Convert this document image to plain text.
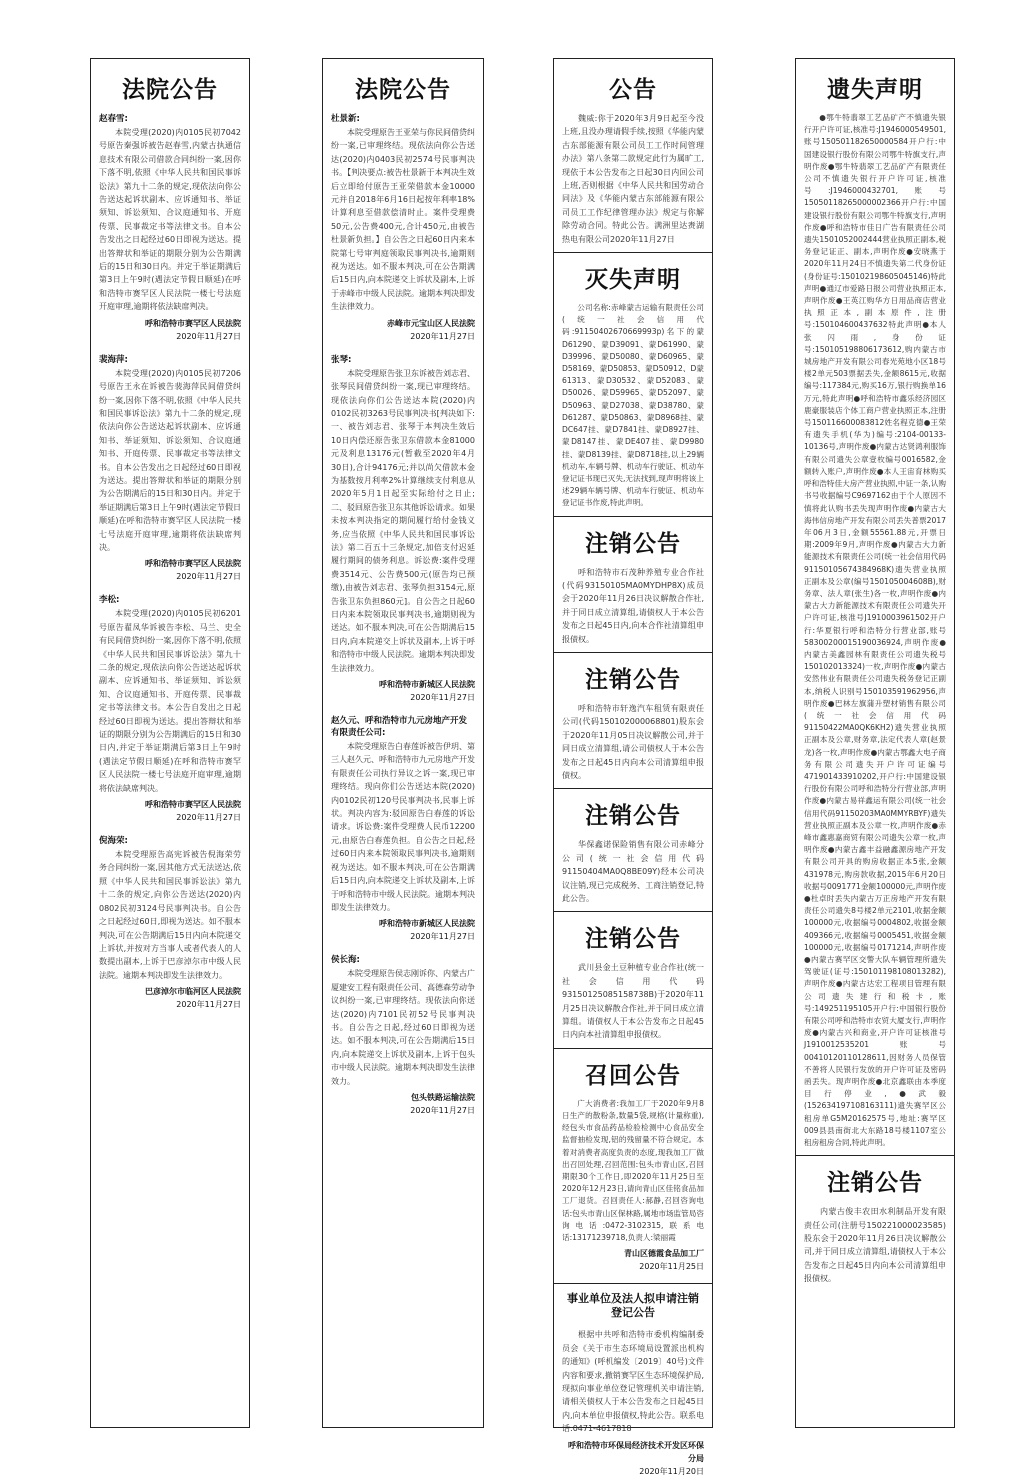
法院公告
赵春雪:

本院受理(2020)内0105民初7042号原告秦强诉被告赵春雪,内蒙古执通信息技术有限公司借款合同纠纷一案,因你下落不明,依照《中华人民共和国民事诉讼法》第九十二条的规定,现依法向你公告送达起诉状副本、应诉通知书、举证须知、诉讼须知、合议庭通知书、开庭传票、民事裁定书等法律文书。自本公告发出之日起经过60日即视为送达。提出答辩状和举证的期限分别为公告期满后的15日和30日内。并定于举证期满后第3日上午9时(遇法定节假日顺延)在呼和浩特市赛罕区人民法院一楼七号法庭开庭审理,逾期将依法缺席判决。

呼和浩特市赛罕区人民法院
2020年11月27日
裴海萍:

本院受理(2020)内0105民初7206号原告王永在诉被告裴海萍民间借贷纠纷一案,因你下落不明,依照《中华人民共和国民事诉讼法》第九十二条的规定,现依法向你公告送达起诉状副本、应诉通知书、举证须知、诉讼须知、合议庭通知书、开庭传票、民事裁定书等法律文书。自本公告发出之日起经过60日即视为送达。提出答辩状和举证的期限分别为公告期满后的15日和30日内。并定于举证期满后第3日上午9时(遇法定节假日顺延)在呼和浩特市赛罕区人民法院一楼七号法庭开庭审理,逾期将依法缺席判决。

呼和浩特市赛罕区人民法院
2020年11月27日
李松:

本院受理(2020)内0105民初6201号原告翟凤华诉被告李松、马兰、史全有民间借贷纠纷一案,因你下落不明,依照《中华人民共和国民事诉讼法》第九十二条的规定,现依法向你公告送达起诉状副本、应诉通知书、举证须知、诉讼须知、合议庭通知书、开庭传票、民事裁定书等法律文书。本公告自发出之日起经过60日即视为送达。提出答辩状和举证的期限分别为公告期满后的15日和30日内,并定于举证期满后第3日上午9时(遇法定节假日顺延)在呼和浩特市赛罕区人民法院一楼七号法庭开庭审理,逾期将依法缺席判决。

呼和浩特市赛罕区人民法院
2020年11月27日
倪海荣:

本院受理原告高宪诉被告倪海荣劳务合同纠纷一案,因其他方式无法送达,依照《中华人民共和国民事诉讼法》第九十二条的规定,向你公告送达(2020)内0802民初3124号民事判决书。自公告之日起经过60日,即视为送达。如不服本判决,可在公告期满后15日内向本院递交上诉状,并按对方当事人或者代表人的人数提出副本,上诉于巴彦淖尔市中级人民法院。逾期本判决即发生法律效力。

巴彦淖尔市临河区人民法院
2020年11月27日
法院公告
杜景新:

本院受理原告王亚荣与你民间借贷纠纷一案,已审理终结。现依法向你公告送达(2020)内0403民初2574号民事判决书。【判决要点:被告杜景新于本判决生效后立即给付原告王亚荣借款本金10000元并自2018年6月16日起按年利率18%计算利息至借款偿清时止。案件受理费50元,公告费400元,合计450元,由被告杜景新负担。】自公告之日起60日内来本院第七号审判庭领取民事判决书,逾期则视为送达。如不服本判决,可在公告期满后15日内,向本院递交上诉状及副本,上诉于赤峰市中级人民法院。逾期本判决即发生法律效力。

赤峰市元宝山区人民法院
2020年11月27日
张琴:

本院受理原告张卫东诉被告刘志君、张琴民间借贷纠纷一案,现已审理终结。现依法向你们公告送达本院(2020)内0102民初3263号民事判决书[判决如下:一、被告刘志君、张琴于本判决生效后10日内偿还原告张卫东借款本金81000元及利息13176元(暂截至2020年4月30日),合计94176元;并以尚欠借款本金为基数按月利率2%计算继续支付利息从2020年5月1日起至实际给付之日止;二、驳回原告张卫东其他诉讼请求。如果未按本判决指定的期间履行给付金钱义务,应当依照《中华人民共和国民事诉讼法》第二百五十三条规定,加倍支付迟延履行期间的债务利息。诉讼费:案件受理费3514元、公告费500元(原告均已预缴),由被告刘志君、张琴负担3154元,原告张卫东负担860元]。自公告之日起60日内来本院领取民事判决书,逾期则视为送达。如不服本判决,可在公告期满后15日内,向本院递交上诉状及副本,上诉于呼和浩特市中级人民法院。逾期本判决即发生法律效力。

呼和浩特市新城区人民法院
2020年11月27日
赵久元、呼和浩特市九元房地产开发有限责任公司:

本院受理原告白春莲诉被告伊玥、第三人赵久元、呼和浩特市九元房地产开发有限责任公司执行异议之诉一案,现已审理终结。现向你们公告送达本院(2020)内0102民初120号民事判决书,民事上诉状。判决内容为:驳回原告白春莲的诉讼请求。诉讼费:案件受理费人民币12200元,由原告白春莲负担。自公告之日起,经过60日内来本院领取民事判决书,逾期则视为送达。如不服本判决,可在公告期满后15日内,向本院递交上诉状及副本,上诉于呼和浩特市中级人民法院。逾期本判决即发生法律效力。

呼和浩特市新城区人民法院
2020年11月27日
侯长海:

本院受理原告侯志刚诉你、内蒙古广厦建安工程有限责任公司、高德森劳动争议纠纷一案,已审理终结。现依法向你送达(2020)内7101民初52号民事判决书。自公告之日起,经过60日即视为送达。如不服本判决,可在公告期满后15日内,向本院递交上诉状及副本,上诉于包头市中级人民法院。逾期本判决即发生法律效力。

包头铁路运输法院
2020年11月27日
公告

魏威:你于2020年3月9日起至今没上班,且没办理请假手续,按照《华能内蒙古东部能源有限公司员工工作时间管理办法》第八条第二款规定此行为属旷工,现依于本公告发布之日起30日内回公司上班,否则根据《中华人民共和国劳动合同法》及《华能内蒙古东部能源有限公司员工工作纪律管理办法》规定与你解除劳动合同。特此公告。满洲里达赉湖热电有限公司2020年11月27日

灭失声明

公司名称:赤峰蒙古运输有限责任公司(统一社会信用代码:91150402670669993p)名下的蒙D61290、蒙D39091、蒙D61990、蒙D39996、蒙D50080、蒙D60965、蒙D58169、蒙D50853、蒙D50912、D蒙61313、蒙D30532、蒙D52083、蒙D50026、蒙D59965、蒙D52097、蒙D50963、蒙D27038、蒙D38780、蒙D61287、蒙D50863、蒙D8968挂、蒙DC647挂、蒙D7841挂、蒙D8927挂、蒙D8147挂、蒙DE407挂、蒙D9980挂、蒙D8139挂、蒙D8718挂,以上29辆机动车,车辆号牌、机动车行驶证、机动车登记证书现已灭失,无法找到,现声明将该上述29辆车辆号牌、机动车行驶证、机动车登记证书作废,特此声明。

注销公告

呼和浩特市石茂种养殖专业合作社(代码93150105MA0MYDHP8X)成员会于2020年11月26日决议解散合作社,并于同日成立清算组,请债权人于本公告发布之日起45日内,向本合作社清算组申报债权。

注销公告

呼和浩特市轩逸汽车租赁有限责任公司(代码150102000068801)股东会于2020年11月05日决议解散公司,并于同日成立清算组,请公司债权人于本公告发布之日起45日内向本公司清算组申报债权。

注销公告

华保鑫诺保险销售有限公司赤峰分公司(统一社会信用代码91150404MA0Q8BE09Y)经本公司决议注销,现已完成税务、工商注销登记,特此公告。

注销公告

武川县金土豆种植专业合作社(统一社会信用代码93150125085158738B)于2020年11月25日决议解散合作社,并于同日成立清算组。请债权人于本公告发布之日起45日内向本社清算组申报债权。

召回公告

广大消费者:我加工厂于2020年9月8日生产的散粉条,数量5袋,规格(计量称重),经包头市食品药品检验检测中心食品安全监督抽检发现,铝的残留量不符合规定。本着对消费者高度负责的态度,现我加工厂做出召回处理,召回范围:包头市青山区,召回期限30个工作日,即2020年11月25日至2020年12月23日,请向青山区佳铭食品加工厂退货。召回责任人:郝静,召回咨询电话:包头市青山区保林路,属地市场监管局咨询电话:0472-3102315,联系电话:13171239718,负责人:梁丽霞

青山区德霞食品加工厂
2020年11月25日
事业单位及法人拟申请注销登记公告

根据中共呼和浩特市委机构编制委员会《关于市生态环境局设置派出机构的通知》(呼机编发〔2019〕40号)文件内容和要求,撤销赛罕区生态环境保护局,现拟向事业单位登记管理机关申请注销,请相关债权人于本公告发布之日起45日内,向本单位申报债权,特此公告。联系电话:0471-4617818

呼和浩特市环保局经济技术开发区环保分局
2020年11月20日
遗失声明

●鄂牛特翡翠工艺品矿产不慎遗失银行开户许可证,核准号:J1946000549501,账号150501182650000584开户行:中国建设银行股份有限公司鄂牛特旗支行,声明作废●鄂牛特翡翠工艺品矿产有限责任公司不慎遗失银行开户许可证,核准号:J1946000432701,账号15050118265000002366开户行:中国建设银行股份有限公司鄂牛特旗支行,声明作废●呼和浩特市佳日广告有限责任公司遗失1501052002444营业执照正副本,税务登记证正、副本,声明作废●安晓燕于2020年11月24日不慎遗失第二代身份证(身份证号:150102198605045146)特此声明●通辽市爱路日报公司营业执照正本,声明作废●王英江购华方日用品商店营业执照正本,副本原件,注册号:150104600437632特此声明●本人张闪雨,身份证号:150105198806173612,购内蒙古市城房地产开发有限公司春光苑地小区18号楼2单元503票据丢失,金额8615元,收据编号:117384元,购买16万,银行购换单16万元,特此声明●呼和浩特市鑫乐经济园区鹿豪服装店个体工商户营业执照正本,注册号150116600083812姓名程克德●王荣有遗失手机(华为)编号:2104-00133-10136号,声明作废●内蒙古达贤鸿利服饰有限公司遗失公章壹枚编号0016582,金额转入账户,声明作废●本人王宙育林购买呼和浩特佳大房产营业执照,中证一条,认购书号收据编号C9697162由于个人原因不慎将此认购书丢失现声明作废●内蒙古大海伟信房地产开发有限公司丢失普票2017年06月3日,金额55561.88元,开票日期:2009年9月,声明作废●内蒙古大力新能源技术有限责任公司(统一社会信用代码91150105674384968K)遗失营业执照正副本及公章(编号150105004608B),财务章、法人章(张生)各一枚,声明作废●内蒙古大力新能源技术有限责任公司遗失开户许可证,核准号J1910003961502开户行:华夏银行呼和浩特分行营业部,账号58300200015190036924,声明作废●内蒙古美鑫园林有限责任公司遗失税号150102013324)一枚,声明作废●内蒙古安然伟业有限责任公司遗失税务登记正副本,纳税人识别号150103591962956,声明作废●巴林左旗蒲升塑材销售有限公司(统一社会信用代码91150422MA0QK6KH2)遗失营业执照正副本及公章,财务章,法定代表人章(赵景龙)各一枚,声明作废●内蒙古鄂鑫大电子商务有限公司遗失开户许可证编号471901433910202,开户行:中国建设银行股份有限公司呼和浩特分行营业部,声明作废●内蒙古易祥鑫运有限公司(统一社会信用代码91150203MA0MMYRBYF)遗失营业执照正副本及公章一枚,声明作废●赤峰市鑫惠嘉商贸有限公司遗失公章一枚,声明作废●内蒙古鑫丰益融鑫源房地产开发有限公司开具的购房收据正本5张,金额431978元,购房款收据,2015年6月20日收据号0091771金额100000元,声明作废●杜卓时丢失内蒙古万正房地产开发有限责任公司遗失8号楼2单元2101,收据金额100000元,收据编号0004802,收据金额409366元,收据编号0005451,收据金额100000元,收据编号0171214,声明作废●内蒙古赛罕区交警大队车辆管理所遗失驾驶证(证号:150101198108013282),声明作废●内蒙古达宏工程项目管理有限公司遗失建行和税卡,账号:149251195105开户行:中国银行股份有限公司呼和浩特市农贸大厦支行,声明作废●内蒙古兴和商业,开户许可证核准号J1910012535201账号00410120110128611,因财务人员保管不善将人民银行发放的开户许可证及密码函丢失。现声明作废●北京鑫联由本季度目行停业,●武毅(152634197108163111)遗失赛罕区公租房单G5M20162575号,地址:赛罕区009县县南街北大东路18号楼1107室公租房租房合同,特此声明。

注销公告

内蒙古俊丰农田水利制品开发有限责任公司(注册号150221000023585)股东会于2020年11月26日决议解散公司,并于同日成立清算组,请债权人于本公告发布之日起45日内向本公司清算组申报债权。
